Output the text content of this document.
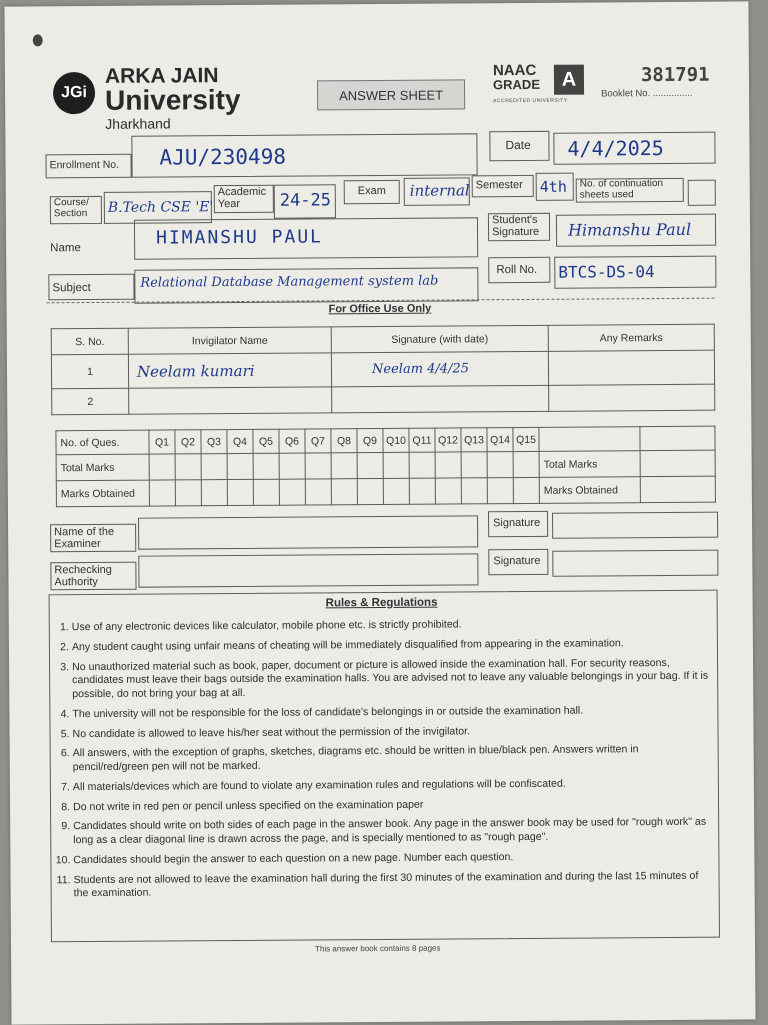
JGi
ARKA JAIN
University
Jharkhand
ANSWER SHEET
NAAC
GRADE	A
ACCREDITED UNIVERSITY
381791
Booklet No. ...............
Enrollment No. AJU/230498	Date 4/4/2025
Course/
Section B.Tech CSE 'E'
Academic
Year	24-25 Exam internal Semester 4th No. of continuation
sheets used
Name	HIMANSHU PAUL
Student's
Signature Himanshu Paul
Subject	Relational Database Management system lab
Roll No. BTCS-DS-04
For Office Use Only
S. No.	Invigilator Name	Signature (with date)	Any Remarks
1	Neelam kumari	Neelam 4/4/25	
2			
No. of Ques.	Q1	Q2	Q3	Q4	Q5	Q6	Q7	Q8	Q9	Q10	Q11	Q12	Q13	Q14	Q15		
Total Marks																Total Marks	
Marks Obtained																Marks Obtained	
Name of the
Examiner
Signature
Rechecking
Authority
Signature
Rules & Regulations
1. Use of any electronic devices like calculator, mobile phone etc. is strictly prohibited.
2. Any student caught using unfair means of cheating will be immediately disqualified from appearing in the examination.
3. No unauthorized material such as book, paper, document or picture is allowed inside the examination hall. For security reasons, candidates must leave their bags outside the examination halls. You are advised not to leave any valuable belongings in your bag. If it is possible, do not bring your bag at all.
4. The university will not be responsible for the loss of candidate's belongings in or outside the examination hall.
5. No candidate is allowed to leave his/her seat without the permission of the invigilator.
6. All answers, with the exception of graphs, sketches, diagrams etc. should be written in blue/black pen. Answers written in pencil/red/green pen will not be marked.
7. All materials/devices which are found to violate any examination rules and regulations will be confiscated.
8. Do not write in red pen or pencil unless specified on the examination paper
9. Candidates should write on both sides of each page in the answer book. Any page in the answer book may be used for "rough work" as long as a clear diagonal line is drawn across the page, and is specially mentioned to as "rough page".
10. Candidates should begin the answer to each question on a new page. Number each question.
11. Students are not allowed to leave the examination hall during the first 30 minutes of the examination and during the last 15 minutes of the examination.
This answer book contains 8 pages
